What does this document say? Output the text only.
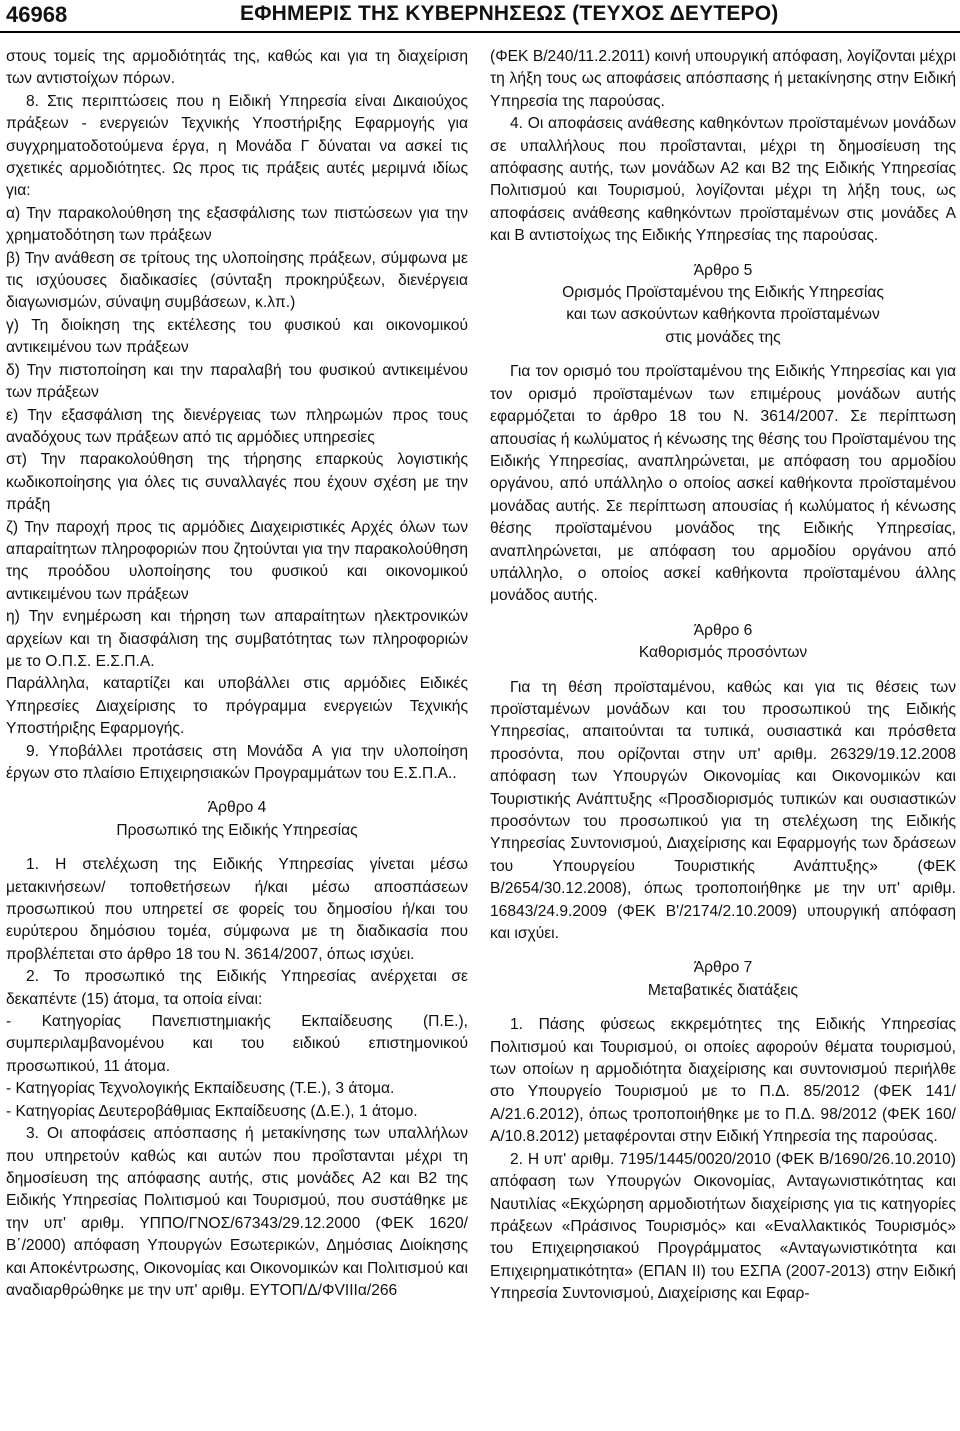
46968	ΕΦΗΜΕΡΙΣ ΤΗΣ ΚΥΒΕΡΝΗΣΕΩΣ (ΤΕΥΧΟΣ ΔΕΥΤΕΡΟ)

στους τομείς της αρμοδιότητάς της, καθώς και για τη διαχείριση των αντιστοίχων πόρων.

8. Στις περιπτώσεις που η Ειδική Υπηρεσία είναι Δικαιούχος πράξεων - ενεργειών Τεχνικής Υποστήριξης Εφαρμογής για συγχρηματοδοτούμενα έργα, η Μονάδα Γ δύναται να ασκεί τις σχετικές αρμοδιότητες. Ως προς τις πράξεις αυτές μεριμνά ιδίως για:

α) Την παρακολούθηση της εξασφάλισης των πιστώσεων για την χρηματοδότηση των πράξεων

β) Την ανάθεση σε τρίτους της υλοποίησης πράξεων, σύμφωνα με τις ισχύουσες διαδικασίες (σύνταξη προκηρύξεων, διενέργεια διαγωνισμών, σύναψη συμβάσεων, κ.λπ.)

γ) Τη διοίκηση της εκτέλεσης του φυσικού και οικονομικού αντικειμένου των πράξεων

δ) Την πιστοποίηση και την παραλαβή του φυσικού αντικειμένου των πράξεων

ε) Την εξασφάλιση της διενέργειας των πληρωμών προς τους αναδόχους των πράξεων από τις αρμόδιες υπηρεσίες

στ) Την παρακολούθηση της τήρησης επαρκούς λογιστικής κωδικοποίησης για όλες τις συναλλαγές που έχουν σχέση με την πράξη

ζ) Την παροχή προς τις αρμόδιες Διαχειριστικές Αρχές όλων των απαραίτητων πληροφοριών που ζητούνται για την παρακολούθηση της προόδου υλοποίησης του φυσικού και οικονομικού αντικειμένου των πράξεων

η) Την ενημέρωση και τήρηση των απαραίτητων ηλεκτρονικών αρχείων και τη διασφάλιση της συμβατότητας των πληροφοριών με το Ο.Π.Σ. Ε.Σ.Π.Α.

Παράλληλα, καταρτίζει και υποβάλλει στις αρμόδιες Ειδικές Υπηρεσίες Διαχείρισης το πρόγραμμα ενεργειών Τεχνικής Υποστήριξης Εφαρμογής.

9. Υποβάλλει προτάσεις στη Μονάδα Α για την υλοποίηση έργων στο πλαίσιο Επιχειρησιακών Προγραμμάτων του Ε.Σ.Π.Α..

Άρθρο 4

Προσωπικό της Ειδικής Υπηρεσίας

1. Η στελέχωση της Ειδικής Υπηρεσίας γίνεται μέσω μετακινήσεων/ τοποθετήσεων ή/και μέσω αποσπάσεων προσωπικού που υπηρετεί σε φορείς του δημοσίου ή/και του ευρύτερου δημόσιου τομέα, σύμφωνα με τη διαδικασία που προβλέπεται στο άρθρο 18 του Ν. 3614/2007, όπως ισχύει.

2. Το προσωπικό της Ειδικής Υπηρεσίας ανέρχεται σε δεκαπέντε (15) άτομα, τα οποία είναι:

- Κατηγορίας Πανεπιστημιακής Εκπαίδευσης (Π.Ε.), συμπεριλαμβανομένου και του ειδικού επιστημονικού προσωπικού, 11 άτομα.

- Κατηγορίας Τεχνολογικής Εκπαίδευσης (Τ.Ε.), 3 άτομα.

- Κατηγορίας Δευτεροβάθμιας Εκπαίδευσης (Δ.Ε.), 1 άτομο.

3. Οι αποφάσεις απόσπασης ή μετακίνησης των υπαλλήλων που υπηρετούν καθώς και αυτών που προΐστανται μέχρι τη δημοσίευση της απόφασης αυτής, στις μονάδες Α2 και Β2 της Ειδικής Υπηρεσίας Πολιτισμού και Τουρισμού, που συστάθηκε με την υπ' αριθμ. ΥΠΠΟ/ΓΝΟΣ/67343/29.12.2000 (ΦΕΚ 1620/Β΄/2000) απόφαση Υπουργών Εσωτερικών, Δημόσιας Διοίκησης και Αποκέντρωσης, Οικονομίας και Οικονομικών και Πολιτισμού και αναδιαρθρώθηκε με την υπ' αριθμ. ΕΥΤΟΠ/Δ/ΦVIIIα/266

(ΦΕΚ Β/240/11.2.2011) κοινή υπουργική απόφαση, λογίζονται μέχρι τη λήξη τους ως αποφάσεις απόσπασης ή μετακίνησης στην Ειδική Υπηρεσία της παρούσας.

4. Οι αποφάσεις ανάθεσης καθηκόντων προϊσταμένων μονάδων σε υπαλλήλους που προΐστανται, μέχρι τη δημοσίευση της απόφασης αυτής, των μονάδων Α2 και Β2 της Ειδικής Υπηρεσίας Πολιτισμού και Τουρισμού, λογίζονται μέχρι τη λήξη τους, ως αποφάσεις ανάθεσης καθηκόντων προϊσταμένων στις μονάδες Α και Β αντιστοίχως της Ειδικής Υπηρεσίας της παρούσας.

Άρθρο 5

Ορισμός Προϊσταμένου της Ειδικής Υπηρεσίας

και των ασκούντων καθήκοντα προϊσταμένων

στις μονάδες της

Για τον ορισμό του προϊσταμένου της Ειδικής Υπηρεσίας και για τον ορισμό προϊσταμένων των επιμέρους μονάδων αυτής εφαρμόζεται το άρθρο 18 του Ν. 3614/2007. Σε περίπτωση απουσίας ή κωλύματος ή κένωσης της θέσης του Προϊσταμένου της Ειδικής Υπηρεσίας, αναπληρώνεται, με απόφαση του αρμοδίου οργάνου, από υπάλληλο ο οποίος ασκεί καθήκοντα προϊσταμένου μονάδας αυτής. Σε περίπτωση απουσίας ή κωλύματος ή κένωσης θέσης προϊσταμένου μονάδος της Ειδικής Υπηρεσίας, αναπληρώνεται, με απόφαση του αρμοδίου οργάνου από υπάλληλο, ο οποίος ασκεί καθήκοντα προϊσταμένου άλλης μονάδος αυτής.

Άρθρο 6

Καθορισμός προσόντων

Για τη θέση προϊσταμένου, καθώς και για τις θέσεις των προϊσταμένων μονάδων και του προσωπικού της Ειδικής Υπηρεσίας, απαιτούνται τα τυπικά, ουσιαστικά και πρόσθετα προσόντα, που ορίζονται στην υπ' αριθμ. 26329/19.12.2008 απόφαση των Υπουργών Οικονομίας και Οικονομικών και Τουριστικής Ανάπτυξης «Προσδιορισμός τυπικών και ουσιαστικών προσόντων του προσωπικού για τη στελέχωση της Ειδικής Υπηρεσίας Συντονισμού, Διαχείρισης και Εφαρμογής των δράσεων του Υπουργείου Τουριστικής Ανάπτυξης» (ΦΕΚ Β/2654/30.12.2008), όπως τροποποιήθηκε με την υπ' αριθμ. 16843/24.9.2009 (ΦΕΚ Β'/2174/2.10.2009) υπουργική απόφαση και ισχύει.

Άρθρο 7

Μεταβατικές διατάξεις

1. Πάσης φύσεως εκκρεμότητες της Ειδικής Υπηρεσίας Πολιτισμού και Τουρισμού, οι οποίες αφορούν θέματα τουρισμού, των οποίων η αρμοδιότητα διαχείρισης και συντονισμού περιήλθε στο Υπουργείο Τουρισμού με το Π.Δ. 85/2012 (ΦΕΚ 141/Α/21.6.2012), όπως τροποποιήθηκε με το Π.Δ. 98/2012 (ΦΕΚ 160/Α/10.8.2012) μεταφέρονται στην Ειδική Υπηρεσία της παρούσας.

2. Η υπ' αριθμ. 7195/1445/0020/2010 (ΦΕΚ Β/1690/26.10.2010) απόφαση των Υπουργών Οικονομίας, Ανταγωνιστικότητας και Ναυτιλίας «Εκχώρηση αρμοδιοτήτων διαχείρισης για τις κατηγορίες πράξεων «Πράσινος Τουρισμός» και «Εναλλακτικός Τουρισμός» του Επιχειρησιακού Προγράμματος «Ανταγωνιστικότητα και Επιχειρηματικότητα» (ΕΠΑΝ ΙΙ) του ΕΣΠΑ (2007-2013) στην Ειδική Υπηρεσία Συντονισμού, Διαχείρισης και Εφαρ-
